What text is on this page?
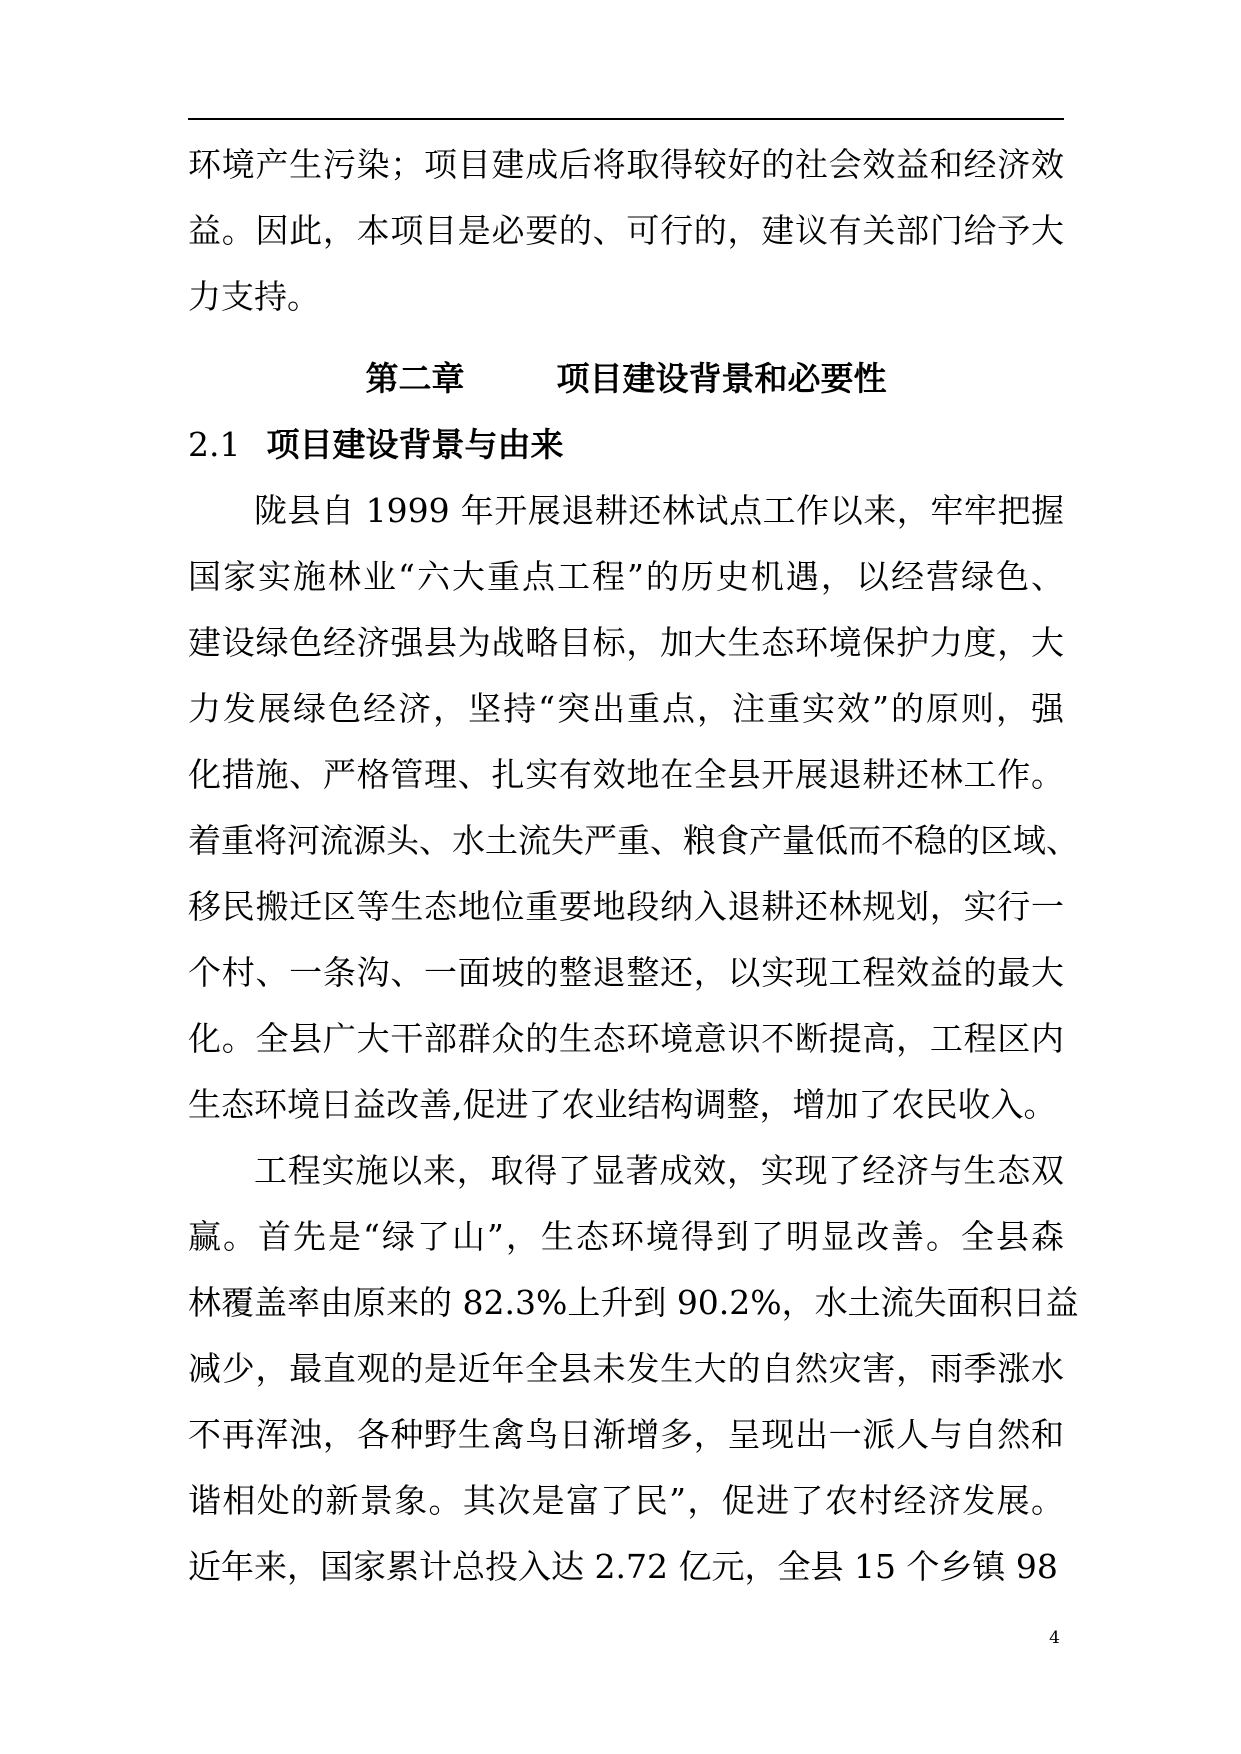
环境产生污染；项目建成后将取得较好的社会效益和经济效
益。因此，本项目是必要的、可行的，建议有关部门给予大
力支持。
第二章	项目建设背景和必要性
2.1 项目建设背景与由来
陇县自 1999 年开展退耕还林试点工作以来，牢牢把握
国家实施林业“六大重点工程”的历史机遇，以经营绿色、
建设绿色经济强县为战略目标，加大生态环境保护力度，大
力发展绿色经济，坚持“突出重点，注重实效”的原则，强
化措施、严格管理、扎实有效地在全县开展退耕还林工作。
着重将河流源头、水土流失严重、粮食产量低而不稳的区域、
移民搬迁区等生态地位重要地段纳入退耕还林规划，实行一
个村、一条沟、一面坡的整退整还，以实现工程效益的最大
化。全县广大干部群众的生态环境意识不断提高，工程区内
生态环境日益改善,促进了农业结构调整，增加了农民收入。
工程实施以来，取得了显著成效，实现了经济与生态双
赢。首先是“绿了山”，生态环境得到了明显改善。全县森
林覆盖率由原来的 82.3%上升到 90.2%，水土流失面积日益
减少，最直观的是近年全县未发生大的自然灾害，雨季涨水
不再浑浊，各种野生禽鸟日渐增多，呈现出一派人与自然和
谐相处的新景象。其次是富了民”，促进了农村经济发展。
近年来，国家累计总投入达 2.72 亿元，全县 15 个乡镇 98
4
